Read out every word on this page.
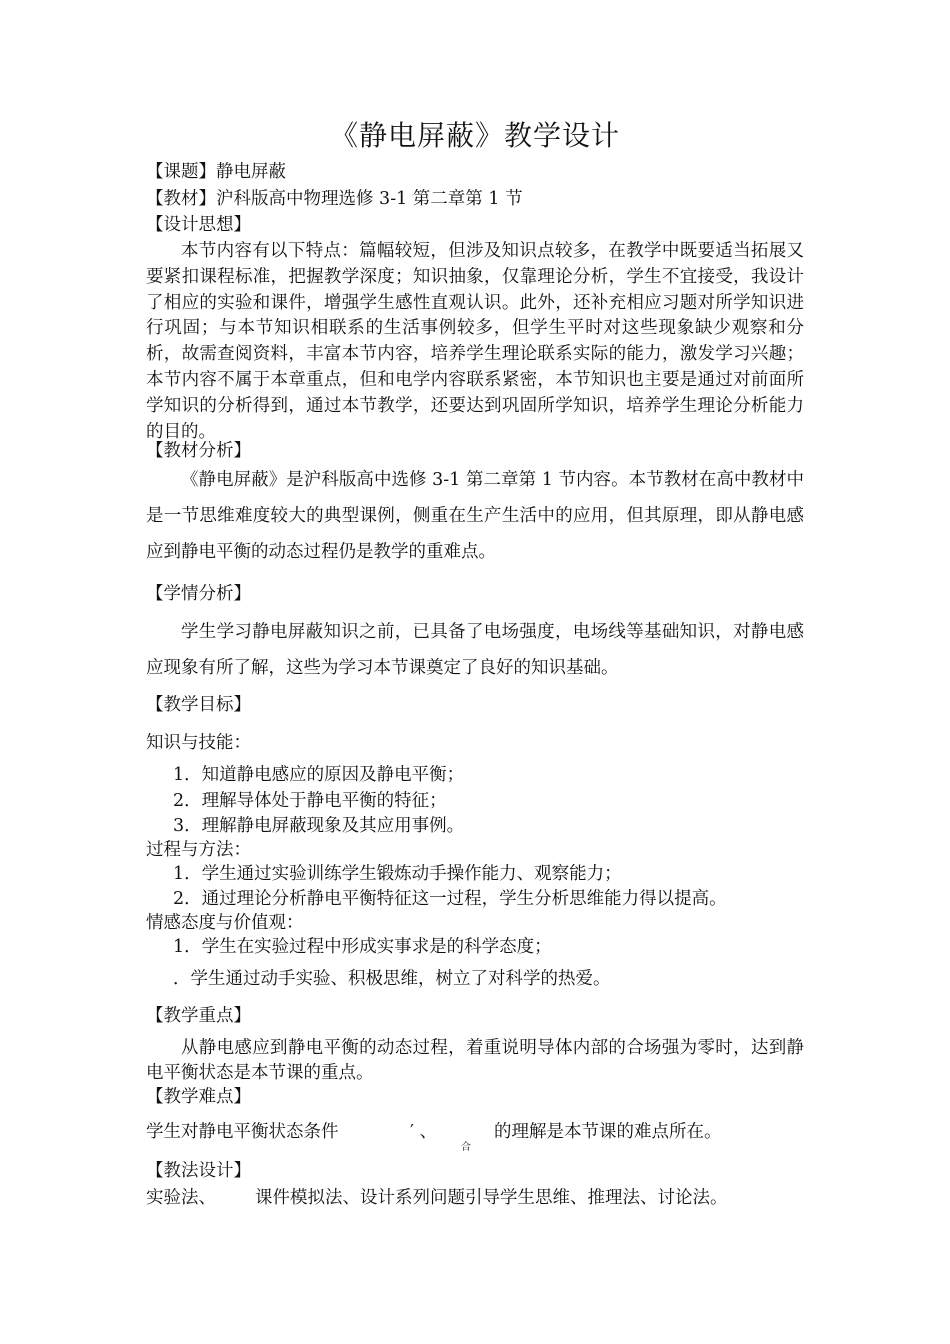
《静电屏蔽》教学设计
【课题】静电屏蔽
【教材】沪科版高中物理选修 3-1 第二章第 1 节
【设计思想】
本节内容有以下特点：篇幅较短，但涉及知识点较多，在教学中既要适当拓展又要紧扣课程标准，把握教学深度；知识抽象，仅靠理论分析，学生不宜接受，我设计了相应的实验和课件，增强学生感性直观认识。此外，还补充相应习题对所学知识进行巩固；与本节知识相联系的生活事例较多，但学生平时对这些现象缺少观察和分析，故需查阅资料，丰富本节内容，培养学生理论联系实际的能力，激发学习兴趣；本节内容不属于本章重点，但和电学内容联系紧密，本节知识也主要是通过对前面所学知识的分析得到，通过本节教学，还要达到巩固所学知识，培养学生理论分析能力的目的。
【教材分析】
《静电屏蔽》是沪科版高中选修 3-1 第二章第 1 节内容。本节教材在高中教材中是一节思维难度较大的典型课例，侧重在生产生活中的应用，但其原理，即从静电感应到静电平衡的动态过程仍是教学的重难点。
【学情分析】
学生学习静电屏蔽知识之前，已具备了电场强度，电场线等基础知识，对静电感应现象有所了解，这些为学习本节课奠定了良好的知识基础。
【教学目标】
知识与技能：
1．知道静电感应的原因及静电平衡；
2．理解导体处于静电平衡的特征；
3．理解静电屏蔽现象及其应用事例。
过程与方法：
1．学生通过实验训练学生锻炼动手操作能力、观察能力；
2．通过理论分析静电平衡特征这一过程，学生分析思维能力得以提高。
情感态度与价值观：
1．学生在实验过程中形成实事求是的科学态度；
．学生通过动手实验、积极思维，树立了对科学的热爱。
【教学重点】
从静电感应到静电平衡的动态过程，着重说明导体内部的合场强为零时，达到静电平衡状态是本节课的重点。
【教学难点】
学生对静电平衡状态条件	′ 、
合
的理解是本节课的难点所在。
【教法设计】
实验法、 课件模拟法、设计系列问题引导学生思维、推理法、讨论法。
